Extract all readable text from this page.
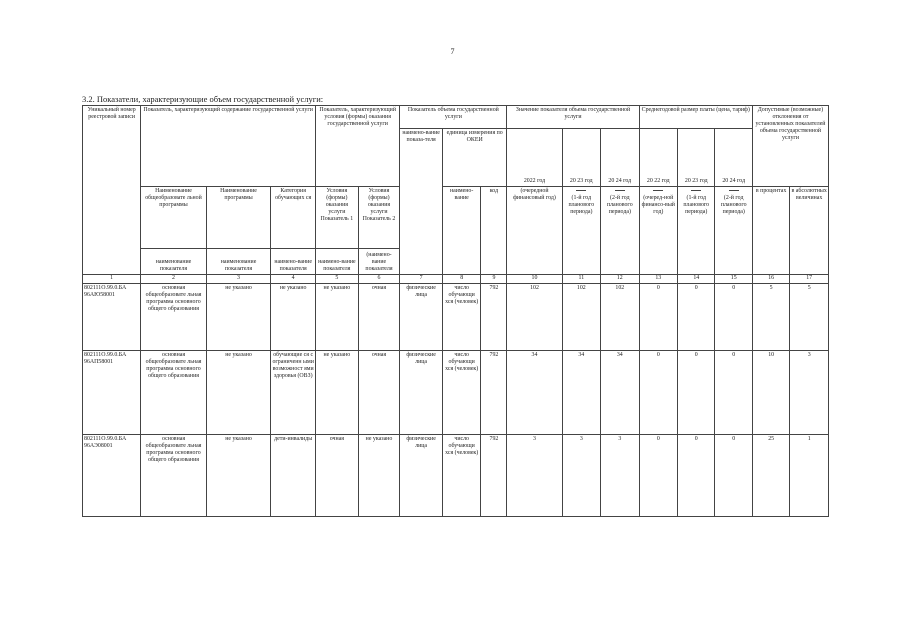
7
3.2. Показатели, характеризующие объем государственной услуги:
Уникальный номер реестровой записи	Показатель, характеризующий содержание государственной услуги			Показатель, характеризующий условия (формы) оказания государственной услуги		Показатель объема государственной услуги			Значение показателя объема государственной услуги			Среднегодовой размер платы (цена, тариф)			Допустимые (возможные) отклонения от установленных показателей объема государственной услуги	
						наимено-вание показа-теля	единица измерения по ОКЕИ		2022 год	20 23 год	20 24 год	20 22 год	20 23 год	20 24 год		
	Наименование общеобразовате льной программы	Наименование программы	Категория обучающих ся	Условия (формы) оказания услуги Показатель 1	Условия (формы) оказания услуги Показатель 2		наимено-вание	код	(очередной финансовый год)	(1-й год планового периода)	(2-й год планового периода)	(очеред-ной финансо-вый год)	(1-й год планового периода)	(2-й год планового периода)	в процентах	в абсолютных величинах
	наименование показателя	наименование показателя	наимено-вание показателя	наимено-вание показателя	(наимено-вание показателя											
1	2	3	4	5	6	7	8	9	10	11	12	13	14	15	16	17
802111О.99.0.БА 96АЮ58001	основная общеобразовате льная программа основного общего образования	не указано	не указано	не указано	очная	физические лица	число обучающи хся (человек)	792	102	102	102	0	0	0	5	5
802111О.99.0.БА 96АП58001	основная общеобразовате льная программа основного общего образования	не указано	обучающие ся с ограниченн ыми возможност ями здоровья (ОВЗ)	не указано	очная	физические лица	число обучающи хся (человек)	792	34	34	34	0	0	0	10	3
802111О.99.0.БА 96АЭ08001	основная общеобразовате льная программа основного общего образования	не указано	дети-инвалиды	очная	не указано	физические лица	число обучающи хся (человек)	792	3	3	3	0	0	0	25	1
